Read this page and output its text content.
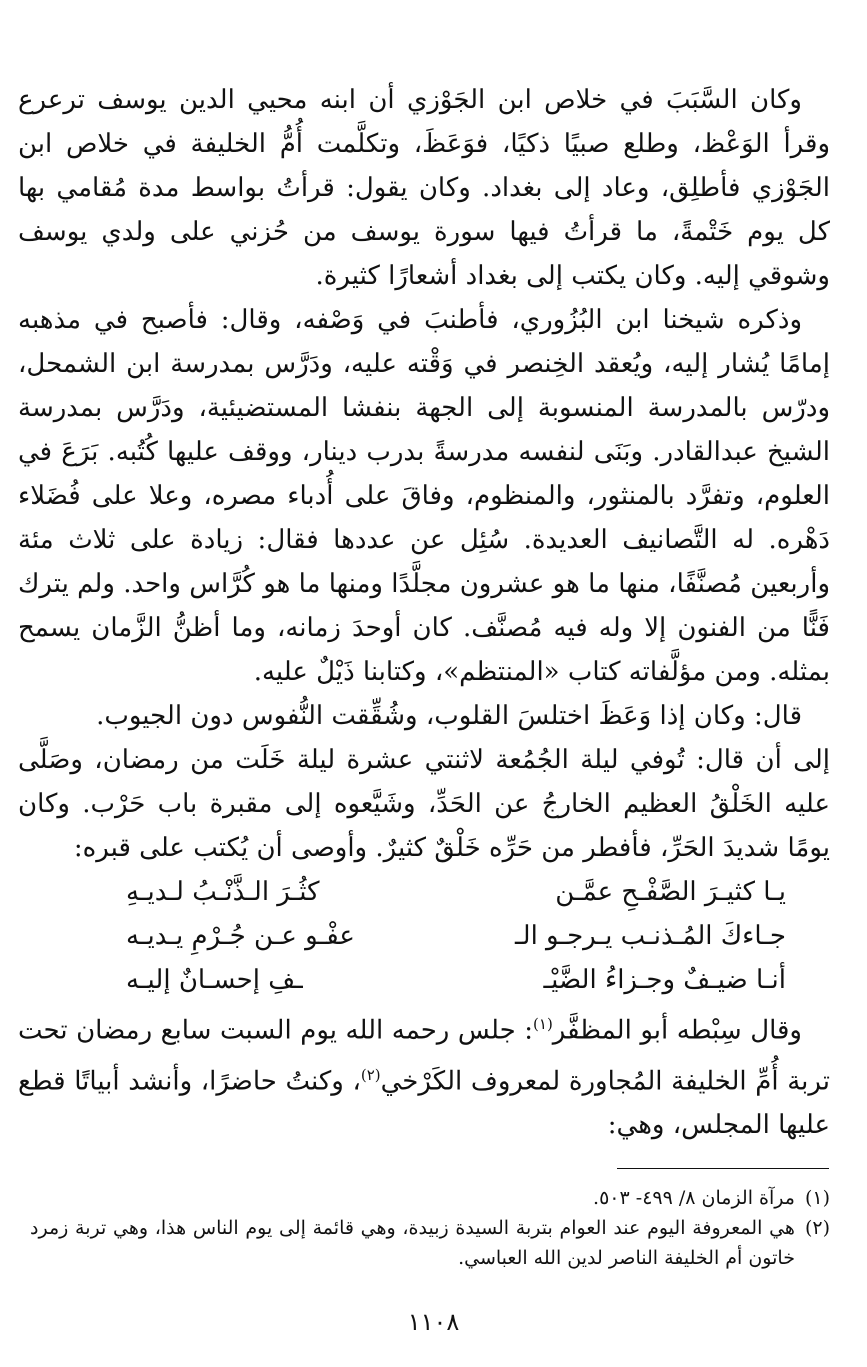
وكان السَّبَبَ في خلاص ابن الجَوْزي أن ابنه محيي الدين يوسف ترعرع وقرأ الوَعْظ، وطلع صبيًا ذكيًا، فوَعَظَ، وتكلَّمت أُمُّ الخليفة في خلاص ابن الجَوْزي فأطلِق، وعاد إلى بغداد. وكان يقول: قرأتُ بواسط مدة مُقامي بها كل يوم خَتْمةً، ما قرأتُ فيها سورة يوسف من حُزني على ولدي يوسف وشوقي إليه. وكان يكتب إلى بغداد أشعارًا كثيرة.

وذكره شيخنا ابن البُزُوري، فأطنبَ في وَصْفه، وقال: فأصبح في مذهبه إمامًا يُشار إليه، ويُعقد الخِنصر في وَقْته عليه، ودَرَّس بمدرسة ابن الشمحل، ودرّس بالمدرسة المنسوبة إلى الجهة بنفشا المستضيئية، ودَرَّس بمدرسة الشيخ عبدالقادر. وبَنَى لنفسه مدرسةً بدرب دينار، ووقف عليها كُتُبه. بَرَعَ في العلوم، وتفرَّد بالمنثور، والمنظوم، وفاقَ على أُدباء مصره، وعلا على فُضَلاء دَهْره. له التَّصانيف العديدة. سُئِل عن عددها فقال: زيادة على ثلاث مئة وأربعين مُصنَّفًا، منها ما هو عشرون مجلَّدًا ومنها ما هو كُرَّاس واحد. ولم يترك فَنًّا من الفنون إلا وله فيه مُصنَّف. كان أوحدَ زمانه، وما أظنُّ الزَّمان يسمح بمثله. ومن مؤلَّفاته كتاب «المنتظم»، وكتابنا ذَيْلٌ عليه.

قال: وكان إذا وَعَظَ اختلسَ القلوب، وشُقِّقت النُّفوس دون الجيوب.

إلى أن قال: تُوفي ليلة الجُمُعة لاثنتي عشرة ليلة خَلَت من رمضان، وصَلَّى عليه الخَلْقُ العظيم الخارجُ عن الحَدِّ، وشَيَّعوه إلى مقبرة باب حَرْب. وكان يومًا شديدَ الحَرِّ، فأفطر من حَرِّه خَلْقٌ كثيرٌ. وأوصى أن يُكتب على قبره:

يـا كثيـرَ الصَّفْـحِ عمَّـن
كثُـرَ الـذَّنْـبُ لـديـهِ
جـاءكَ المُـذنـب يـرجـو الـ
عفْـو عـن جُـرْمِ يـديـه
أنـا ضيـفٌ وجـزاءُ الضَّيْـ
ـفِ إحسـانٌ إليـه

وقال سِبْطه أبو المظفَّر$^{(١)}$: جلس رحمه الله يوم السبت سابع رمضان تحت تربة أُمِّ الخليفة المُجاورة لمعروف الكَرْخي$^{(٢)}$، وكنتُ حاضرًا، وأنشد أبياتًا قطع عليها المجلس، وهي:

(١)
مرآة الزمان ٨/ ٤٩٩- ٥٠٣.
(٢)
هي المعروفة اليوم عند العوام بتربة السيدة زبيدة، وهي قائمة إلى يوم الناس هذا، وهي تربة زمرد خاتون أم الخليفة الناصر لدين الله العباسي.
١١٠٨
